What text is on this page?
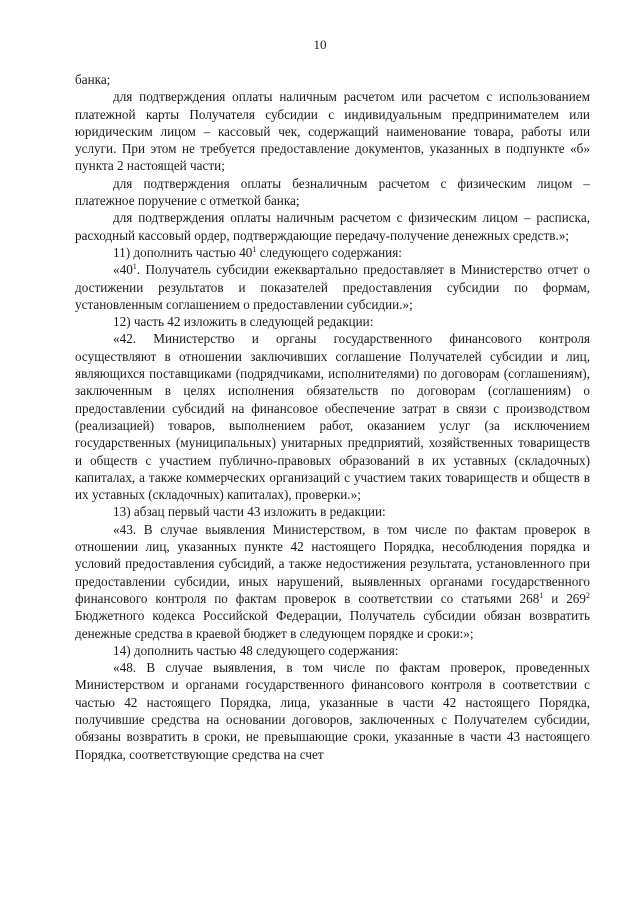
10

банка;

для подтверждения оплаты наличным расчетом или расчетом с использованием платежной карты Получателя субсидии с индивидуальным предпринимателем или юридическим лицом – кассовый чек, содержащий наименование товара, работы или услуги. При этом не требуется предоставление документов, указанных в подпункте «б» пункта 2 настоящей части;

для подтверждения оплаты безналичным расчетом с физическим лицом – платежное поручение с отметкой банка;

для подтверждения оплаты наличным расчетом с физическим лицом – расписка, расходный кассовый ордер, подтверждающие передачу-получение денежных средств.»;

11) дополнить частью $40^1$ следующего содержания:

«$40^1$. Получатель субсидии ежеквартально предоставляет в Министерство отчет о достижении результатов и показателей предоставления субсидии по формам, установленным соглашением о предоставлении субсидии.»;

12) часть 42 изложить в следующей редакции:

«42. Министерство и органы государственного финансового контроля осуществляют в отношении заключивших соглашение Получателей субсидии и лиц, являющихся поставщиками (подрядчиками, исполнителями) по договорам (соглашениям), заключенным в целях исполнения обязательств по договорам (соглашениям) о предоставлении субсидий на финансовое обеспечение затрат в связи с производством (реализацией) товаров, выполнением работ, оказанием услуг (за исключением государственных (муниципальных) унитарных предприятий, хозяйственных товариществ и обществ с участием публично-правовых образований в их уставных (складочных) капиталах, а также коммерческих организаций с участием таких товариществ и обществ в их уставных (складочных) капиталах), проверки.»;

13) абзац первый части 43 изложить в редакции:

«43. В случае выявления Министерством, в том числе по фактам проверок в отношении лиц, указанных пункте 42 настоящего Порядка, несоблюдения порядка и условий предоставления субсидий, а также недостижения результата, установленного при предоставлении субсидии, иных нарушений, выявленных органами государственного финансового контроля по фактам проверок в соответствии со статьями $268^1$ и $269^2$ Бюджетного кодекса Российской Федерации, Получатель субсидии обязан возвратить денежные средства в краевой бюджет в следующем порядке и сроки:»;

14) дополнить частью 48 следующего содержания:

«48. В случае выявления, в том числе по фактам проверок, проведенных Министерством и органами государственного финансового контроля в соответствии с частью 42 настоящего Порядка, лица, указанные в части 42 настоящего Порядка, получившие средства на основании договоров, заключенных с Получателем субсидии, обязаны возвратить в сроки, не превышающие сроки, указанные в части 43 настоящего Порядка, соответствующие средства на счет
